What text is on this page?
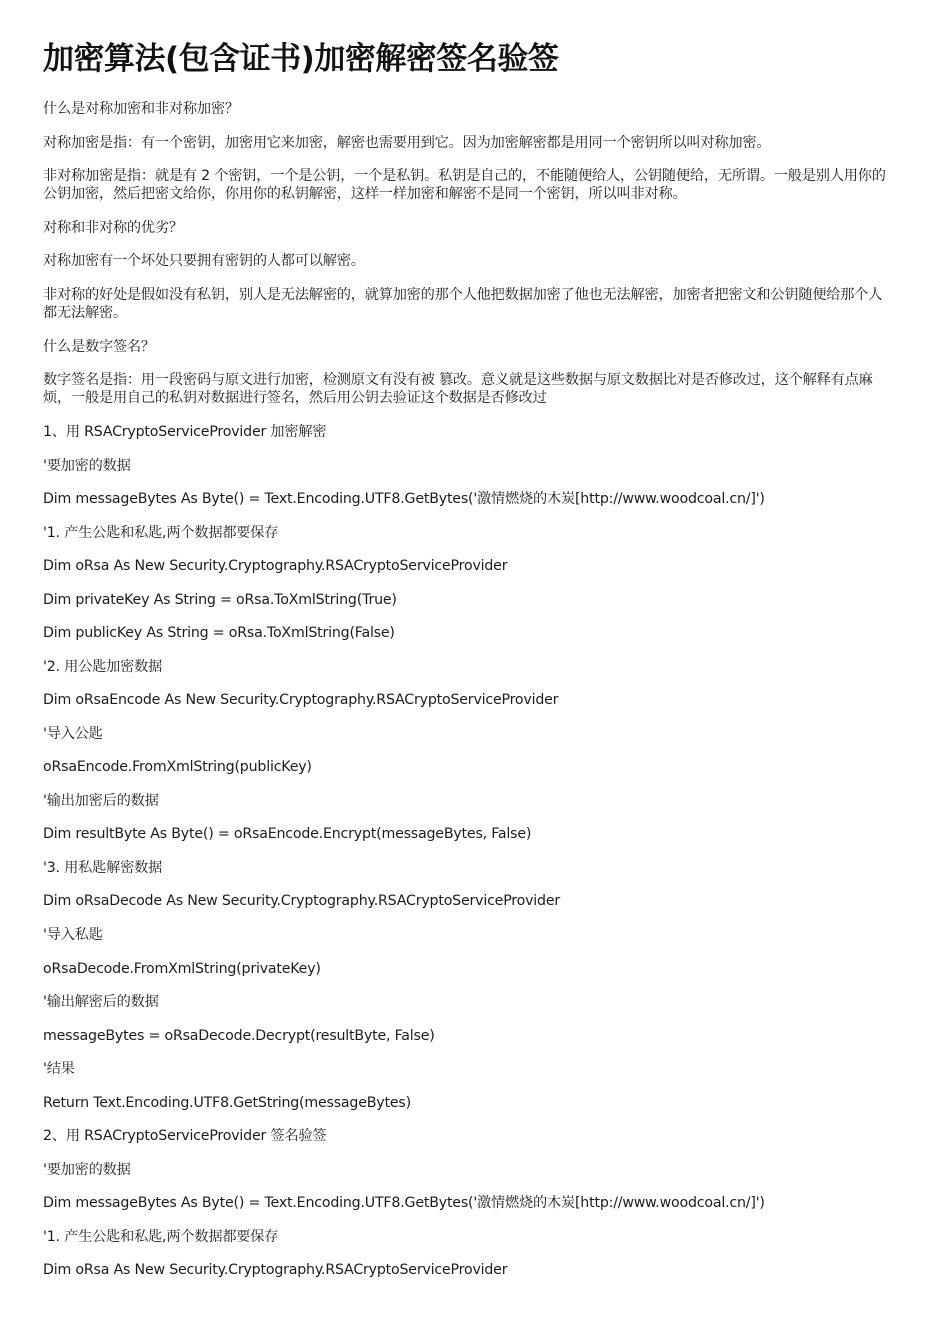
加密算法(包含证书)加密解密签名验签
什么是对称加密和非对称加密？
对称加密是指：有一个密钥，加密用它来加密，解密也需要用到它。因为加密解密都是用同一个密钥所以叫对称加密。
非对称加密是指：就是有 2 个密钥，一个是公钥，一个是私钥。私钥是自己的，不能随便给人，公钥随便给，无所谓。一般是别人用你的公钥加密，然后把密文给你，你用你的私钥解密，这样一样加密和解密不是同一个密钥，所以叫非对称。
对称和非对称的优劣？
对称加密有一个坏处只要拥有密钥的人都可以解密。
非对称的好处是假如没有私钥，别人是无法解密的，就算加密的那个人他把数据加密了他也无法解密，加密者把密文和公钥随便给那个人都无法解密。
什么是数字签名？
数字签名是指：用一段密码与原文进行加密，检测原文有没有被 篡改。意义就是这些数据与原文数据比对是否修改过，这个解释有点麻烦，一般是用自己的私钥对数据进行签名，然后用公钥去验证这个数据是否修改过
1、用 RSACryptoServiceProvider 加密解密
'要加密的数据
Dim messageBytes As Byte() = Text.Encoding.UTF8.GetBytes('激情燃烧的木炭[http://www.woodcoal.cn/]')
'1. 产生公匙和私匙,两个数据都要保存
Dim oRsa As New Security.Cryptography.RSACryptoServiceProvider
Dim privateKey As String = oRsa.ToXmlString(True)
Dim publicKey As String = oRsa.ToXmlString(False)
'2. 用公匙加密数据
Dim oRsaEncode As New Security.Cryptography.RSACryptoServiceProvider
'导入公匙
oRsaEncode.FromXmlString(publicKey)
'输出加密后的数据
Dim resultByte As Byte() = oRsaEncode.Encrypt(messageBytes, False)
'3. 用私匙解密数据
Dim oRsaDecode As New Security.Cryptography.RSACryptoServiceProvider
'导入私匙
oRsaDecode.FromXmlString(privateKey)
'输出解密后的数据
messageBytes = oRsaDecode.Decrypt(resultByte, False)
'结果
Return Text.Encoding.UTF8.GetString(messageBytes)
2、用 RSACryptoServiceProvider 签名验签
'要加密的数据
Dim messageBytes As Byte() = Text.Encoding.UTF8.GetBytes('激情燃烧的木炭[http://www.woodcoal.cn/]')
'1. 产生公匙和私匙,两个数据都要保存
Dim oRsa As New Security.Cryptography.RSACryptoServiceProvider
